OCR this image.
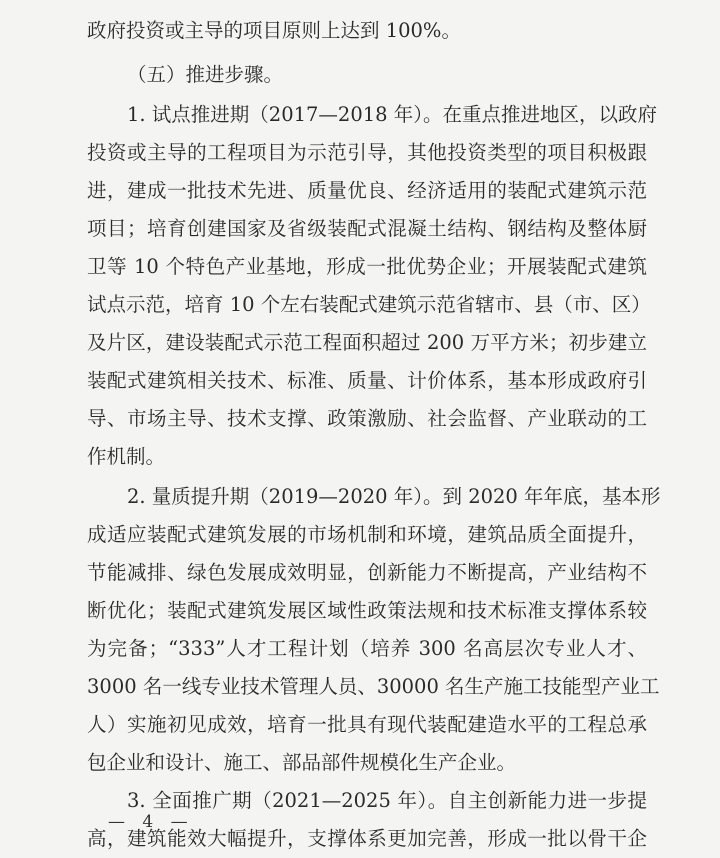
政府投资或主导的项目原则上达到 100%。
（五）推进步骤。
1. 试点推进期（2017—2018 年）。在重点推进地区，以政府
投资或主导的工程项目为示范引导，其他投资类型的项目积极跟
进，建成一批技术先进、质量优良、经济适用的装配式建筑示范
项目；培育创建国家及省级装配式混凝土结构、钢结构及整体厨
卫等 10 个特色产业基地，形成一批优势企业；开展装配式建筑
试点示范，培育 10 个左右装配式建筑示范省辖市、县（市、区）
及片区，建设装配式示范工程面积超过 200 万平方米；初步建立
装配式建筑相关技术、标准、质量、计价体系，基本形成政府引
导、市场主导、技术支撑、政策激励、社会监督、产业联动的工
作机制。
2. 量质提升期（2019—2020 年）。到 2020 年年底，基本形
成适应装配式建筑发展的市场机制和环境，建筑品质全面提升，
节能减排、绿色发展成效明显，创新能力不断提高，产业结构不
断优化；装配式建筑发展区域性政策法规和技术标准支撑体系较
为完备；“333”人才工程计划（培养 300 名高层次专业人才、
3000 名一线专业技术管理人员、30000 名生产施工技能型产业工
人）实施初见成效，培育一批具有现代装配建造水平的工程总承
包企业和设计、施工、部品部件规模化生产企业。
3. 全面推广期（2021—2025 年）。自主创新能力进一步提
高，建筑能效大幅提升，支撑体系更加完善，形成一批以骨干企
— 4 —
